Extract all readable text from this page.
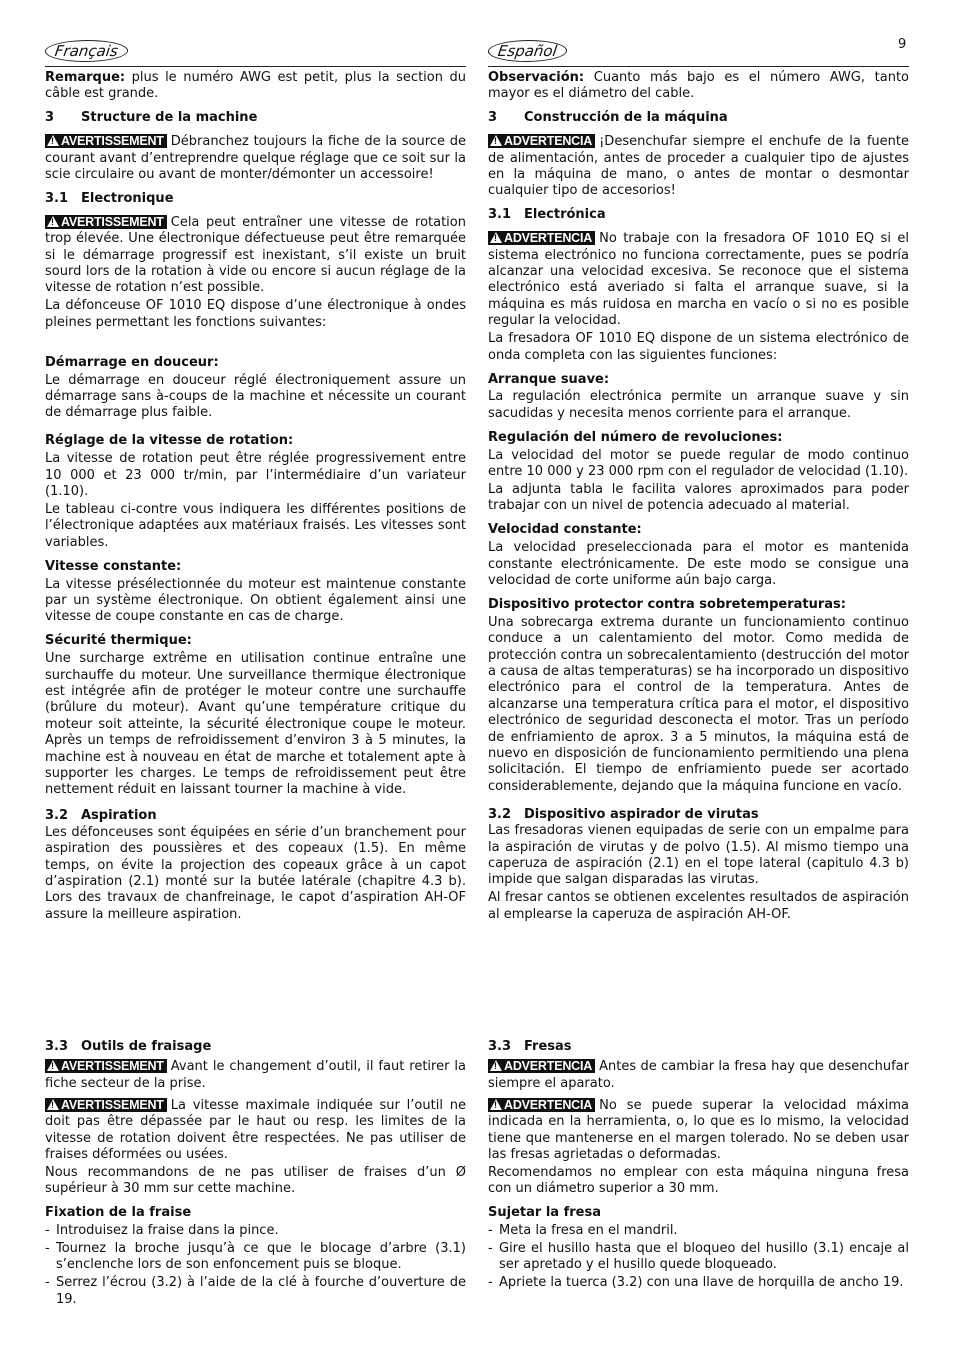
9
Français	Español

Remarque: plus le numéro AWG est petit, plus la section du câble est grande.

3 Structure de la machine

!AVERTISSEMENT Débranchez toujours la fiche de la source de courant avant d’entreprendre quelque réglage que ce soit sur la scie circulaire ou avant de monter/démonter un accessoire!

3.1 Electronique

!AVERTISSEMENT Cela peut entraîner une vitesse de rotation trop élevée. Une électronique défectueuse peut être remarquée si le démarrage progressif est inexistant, s’il existe un bruit sourd lors de la rotation à vide ou encore si aucun réglage de la vitesse de rotation n’est possible.

La défonceuse OF 1010 EQ dispose d’une électronique à ondes pleines permettant les fonctions suivantes:

Démarrage en douceur:

Le démarrage en douceur réglé électroniquement assure un démarrage sans à-coups de la machine et nécessite un courant de démarrage plus faible.

Réglage de la vitesse de rotation:

La vitesse de rotation peut être réglée progressivement entre 10 000 et 23 000 tr/min, par l’intermédiaire d’un variateur (1.10).

Le tableau ci-contre vous indiquera les différentes positions de l’électronique adaptées aux matériaux fraisés. Les vitesses sont variables.

Vitesse constante:

La vitesse présélectionnée du moteur est maintenue constante par un système électronique. On obtient également ainsi une vitesse de coupe constante en cas de charge.

Sécurité thermique:

Une surcharge extrême en utilisation continue entraîne une surchauffe du moteur. Une surveillance thermique électronique est intégrée afin de protéger le moteur contre une surchauffe (brûlure du moteur). Avant qu’une température critique du moteur soit atteinte, la sécurité électronique coupe le moteur. Après un temps de refroidissement d’environ 3 à 5 minutes, la machine est à nouveau en état de marche et totalement apte à supporter les charges. Le temps de refroidissement peut être nettement réduit en laissant tourner la machine à vide.

3.2 Aspiration

Les défonceuses sont équipées en série d’un branchement pour aspiration des poussières et des copeaux (1.5). En même temps, on évite la projection des copeaux grâce à un capot d’aspiration (2.1) monté sur la butée latérale (chapitre 4.3 b). Lors des travaux de chanfreinage, le capot d’aspiration AH-OF assure la meilleure aspiration.

Observación: Cuanto más bajo es el número AWG, tanto mayor es el diámetro del cable.

3 Construcción de la máquina

!ADVERTENCIA ¡Desenchufar siempre el enchufe de la fuente de alimentación, antes de proceder a cualquier tipo de ajustes en la máquina de mano, o antes de montar o desmontar cualquier tipo de accesorios!

3.1 Electrónica

!ADVERTENCIA No trabaje con la fresadora OF 1010 EQ si el sistema electrónico no funciona correctamente, pues se podría alcanzar una velocidad excesiva. Se reconoce que el sistema electrónico está averiado si falta el arranque suave, si la máquina es más ruidosa en marcha en vacío o si no es posible regular la velocidad.

La fresadora OF 1010 EQ dispone de un sistema electrónico de onda completa con las siguientes funciones:

Arranque suave:

La regulación electrónica permite un arranque suave y sin sacudidas y necesita menos corriente para el arranque.

Regulación del número de revoluciones:

La velocidad del motor se puede regular de modo continuo entre 10 000 y 23 000 rpm con el regulador de velocidad (1.10).

La adjunta tabla le facilita valores aproximados para poder trabajar con un nivel de potencia adecuado al material.

Velocidad constante:

La velocidad preseleccionada para el motor es mantenida constante electrónicamente. De este modo se consigue una velocidad de corte uniforme aún bajo carga.

Dispositivo protector contra sobretemperaturas:

Una sobrecarga extrema durante un funcionamiento continuo conduce a un calentamiento del motor. Como medida de protección contra un sobrecalentamiento (destrucción del motor a causa de altas temperaturas) se ha incorporado un dispositivo electrónico para el control de la temperatura. Antes de alcanzarse una temperatura crítica para el motor, el dispositivo electrónico de seguridad desconecta el motor. Tras un período de enfriamiento de aprox. 3 a 5 minutos, la máquina está de nuevo en disposición de funcionamiento permitiendo una plena solicitación. El tiempo de enfriamiento puede ser acortado considerablemente, dejando que la máquina funcione en vacío.

3.2 Dispositivo aspirador de virutas

Las fresadoras vienen equipadas de serie con un empalme para la aspiración de virutas y de polvo (1.5). Al mismo tiempo una caperuza de aspiración (2.1) en el tope lateral (capitulo 4.3 b) impide que salgan disparadas las virutas.

Al fresar cantos se obtienen excelentes resultados de aspiración al emplearse la caperuza de aspiración AH-OF.

3.3 Outils de fraisage

!AVERTISSEMENT Avant le changement d’outil, il faut retirer la fiche secteur de la prise.

!AVERTISSEMENT La vitesse maximale indiquée sur l’outil ne doit pas être dépassée par le haut ou resp. les limites de la vitesse de rotation doivent être respectées. Ne pas utiliser de fraises déformées ou usées.

Nous recommandons de ne pas utiliser de fraises d’un Ø supérieur à 30 mm sur cette machine.

Fixation de la fraise

- Introduisez la fraise dans la pince.
- Tournez la broche jusqu’à ce que le blocage d’arbre (3.1) s’enclenche lors de son enfoncement puis se bloque.
- Serrez l’écrou (3.2) à l’aide de la clé à fourche d’ouverture de 19.

3.3 Fresas

!ADVERTENCIA Antes de cambiar la fresa hay que desenchufar siempre el aparato.

!ADVERTENCIA No se puede superar la velocidad máxima indicada en la herramienta, o, lo que es lo mismo, la velocidad tiene que mantenerse en el margen tolerado. No se deben usar las fresas agrietadas o deformadas.

Recomendamos no emplear con esta máquina ninguna fresa con un diámetro superior a 30 mm.

Sujetar la fresa

- Meta la fresa en el mandril.
- Gire el husillo hasta que el bloqueo del husillo (3.1) encaje al ser apretado y el husillo quede bloqueado.
- Apriete la tuerca (3.2) con una llave de horquilla de ancho 19.
